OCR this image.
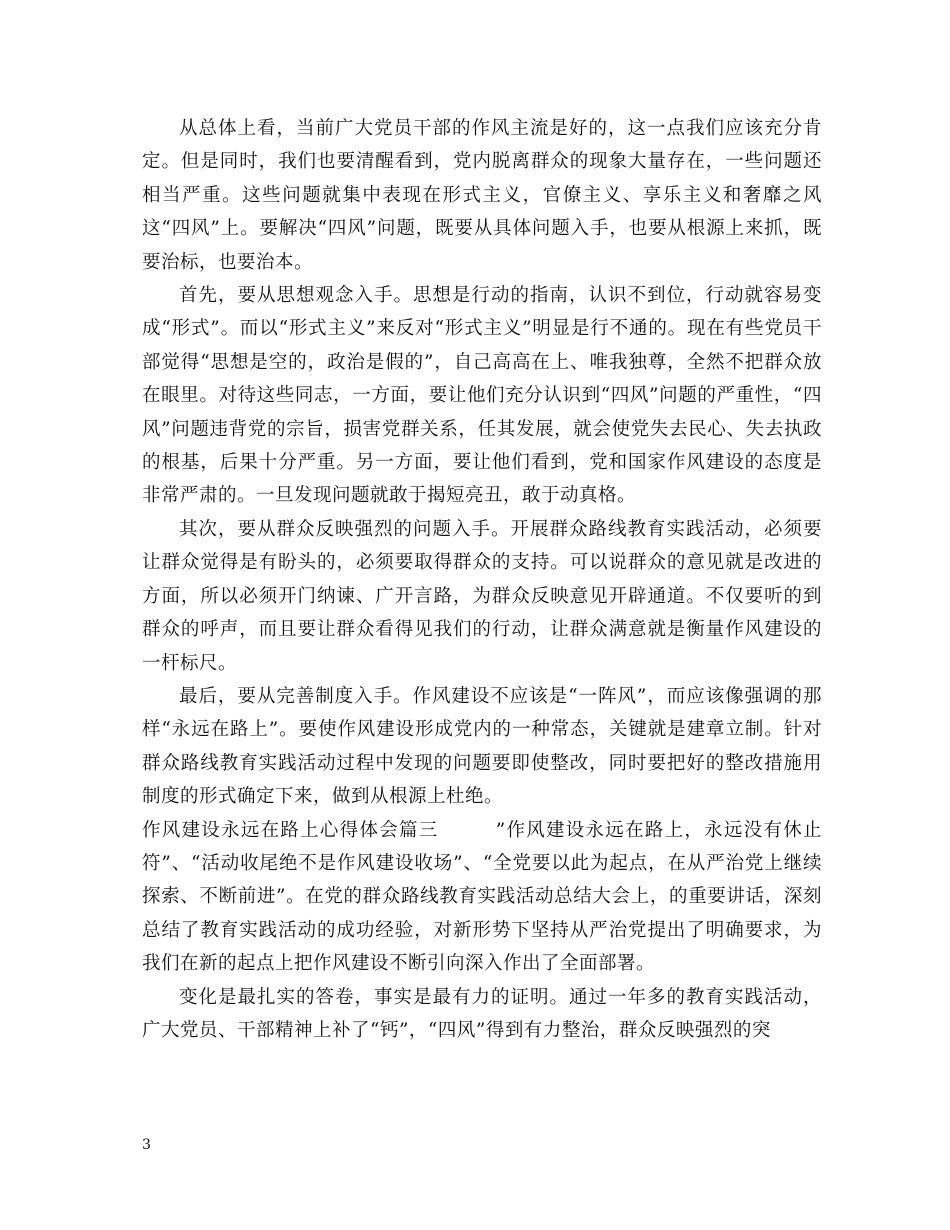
从总体上看，当前广大党员干部的作风主流是好的，这一点我们应该充分肯定。但是同时，我们也要清醒看到，党内脱离群众的现象大量存在，一些问题还相当严重。这些问题就集中表现在形式主义，官僚主义、享乐主义和奢靡之风这“四风”上。要解决“四风”问题，既要从具体问题入手，也要从根源上来抓，既要治标，也要治本。

首先，要从思想观念入手。思想是行动的指南，认识不到位，行动就容易变成“形式”。而以“形式主义”来反对“形式主义”明显是行不通的。现在有些党员干部觉得“思想是空的，政治是假的”，自己高高在上、唯我独尊，全然不把群众放在眼里。对待这些同志，一方面，要让他们充分认识到“四风”问题的严重性，“四风”问题违背党的宗旨，损害党群关系，任其发展，就会使党失去民心、失去执政的根基，后果十分严重。另一方面，要让他们看到，党和国家作风建设的态度是非常严肃的。一旦发现问题就敢于揭短亮丑，敢于动真格。

其次，要从群众反映强烈的问题入手。开展群众路线教育实践活动，必须要让群众觉得是有盼头的，必须要取得群众的支持。可以说群众的意见就是改进的方面，所以必须开门纳谏、广开言路，为群众反映意见开辟通道。不仅要听的到群众的呼声，而且要让群众看得见我们的行动，让群众满意就是衡量作风建设的一杆标尺。

最后，要从完善制度入手。作风建设不应该是“一阵风”，而应该像强调的那样“永远在路上”。要使作风建设形成党内的一种常态，关键就是建章立制。针对群众路线教育实践活动过程中发现的问题要即使整改，同时要把好的整改措施用制度的形式确定下来，做到从根源上杜绝。

作风建设永远在路上心得体会篇三	”作风建设永远在路上，永远没有休止符”、“活动收尾绝不是作风建设收场”、“全党要以此为起点，在从严治党上继续探索、不断前进”。在党的群众路线教育实践活动总结大会上，的重要讲话，深刻总结了教育实践活动的成功经验，对新形势下坚持从严治党提出了明确要求，为我们在新的起点上把作风建设不断引向深入作出了全面部署。

变化是最扎实的答卷，事实是最有力的证明。通过一年多的教育实践活动，广大党员、干部精神上补了“钙”，“四风”得到有力整治，群众反映强烈的突

3
